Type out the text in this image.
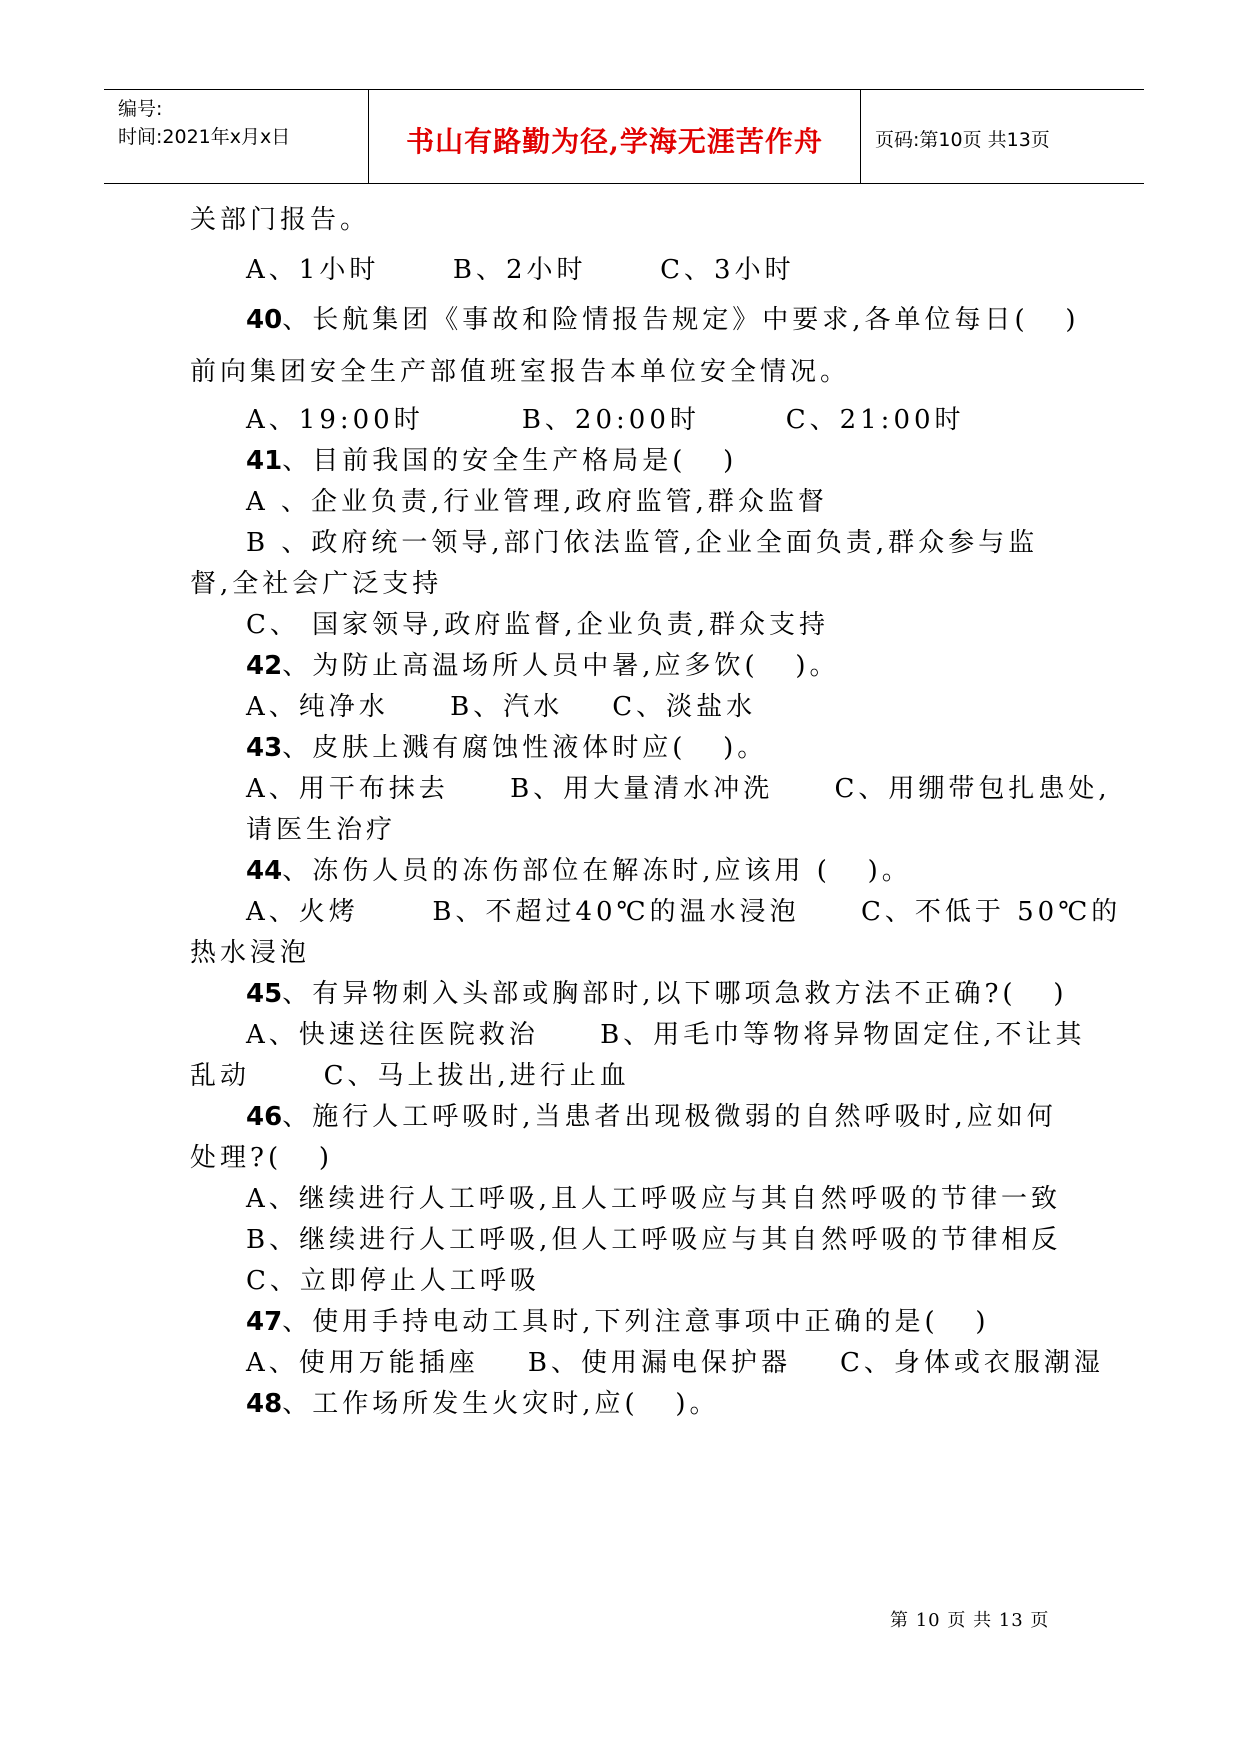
编号:
时间:2021年x月x日	书山有路勤为径,学海无涯苦作舟	页码:第10页 共13页
关部门报告。
A、1小时      B、2小时      C、3小时
40、长航集团《事故和险情报告规定》中要求,各单位每日(   )
前向集团安全生产部值班室报告本单位安全情况。
A、19:00时        B、20:00时       C、21:00时
41、目前我国的安全生产格局是(   )
A 、企业负责,行业管理,政府监管,群众监督
B 、政府统一领导,部门依法监管,企业全面负责,群众参与监
督,全社会广泛支持
C、 国家领导,政府监督,企业负责,群众支持
42、为防止高温场所人员中暑,应多饮(   )。
A、纯净水     B、汽水    C、淡盐水
43、皮肤上溅有腐蚀性液体时应(   )。
A、用干布抹去     B、用大量清水冲洗     C、用绷带包扎患处,
请医生治疗
44、冻伤人员的冻伤部位在解冻时,应该用 (   )。
A、火烤      B、不超过40℃的温水浸泡     C、不低于 50℃的
热水浸泡
45、有异物刺入头部或胸部时,以下哪项急救方法不正确?(   )
A、快速送往医院救治     B、用毛巾等物将异物固定住,不让其
乱动      C、马上拔出,进行止血
46、施行人工呼吸时,当患者出现极微弱的自然呼吸时,应如何
处理?(   )
A、继续进行人工呼吸,且人工呼吸应与其自然呼吸的节律一致
B、继续进行人工呼吸,但人工呼吸应与其自然呼吸的节律相反
C、立即停止人工呼吸
47、使用手持电动工具时,下列注意事项中正确的是(   )
A、使用万能插座    B、使用漏电保护器    C、身体或衣服潮湿
48、工作场所发生火灾时,应(   )。
第 10 页 共 13 页
